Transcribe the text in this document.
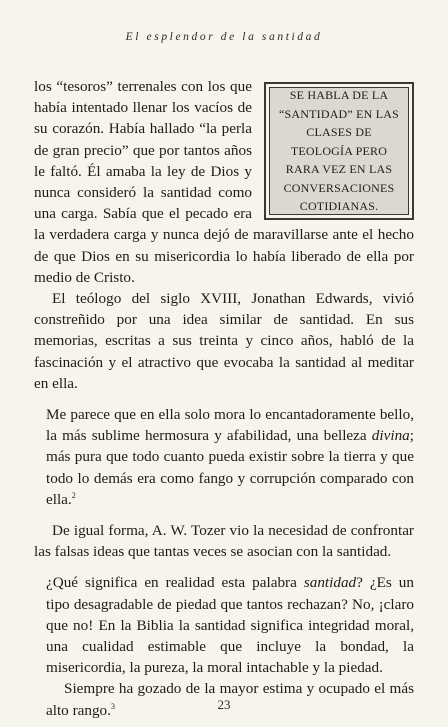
El esplendor de la santidad

SE HABLA DE LA “SANTIDAD” EN LAS CLASES DE TEOLOGÍA PERO RARA VEZ EN LAS CONVERSACIONES COTIDIANAS.
los “tesoros” terrenales con los que había intentado llenar los vacíos de su corazón. Había hallado “la perla de gran precio” que por tantos años le faltó. Él amaba la ley de Dios y nunca consideró la santidad como una carga. Sabía que el pecado era la verdadera carga y nunca dejó de maravillarse ante el hecho de que Dios en su misericordia lo había liberado de ella por medio de Cristo.

El teólogo del siglo XVIII, Jonathan Edwards, vivió constreñido por una idea similar de santidad. En sus memorias, escritas a sus treinta y cinco años, habló de la fascinación y el atractivo que evocaba la santidad al meditar en ella.

Me parece que en ella solo mora lo encantadoramente bello, la más sublime hermosura y afabilidad, una belleza divina; más pura que todo cuanto pueda existir sobre la tierra y que todo lo demás era como fango y corrupción comparado con ella.$^2$

De igual forma, A. W. Tozer vio la necesidad de confrontar las falsas ideas que tantas veces se asocian con la santidad.

¿Qué significa en realidad esta palabra santidad? ¿Es un tipo desagradable de piedad que tantos rechazan? No, ¡claro que no! En la Biblia la santidad significa integridad moral, una cualidad estimable que incluye la bondad, la misericordia, la pureza, la moral intachable y la piedad.

Siempre ha gozado de la mayor estima y ocupado el más alto rango.$^3$	23
